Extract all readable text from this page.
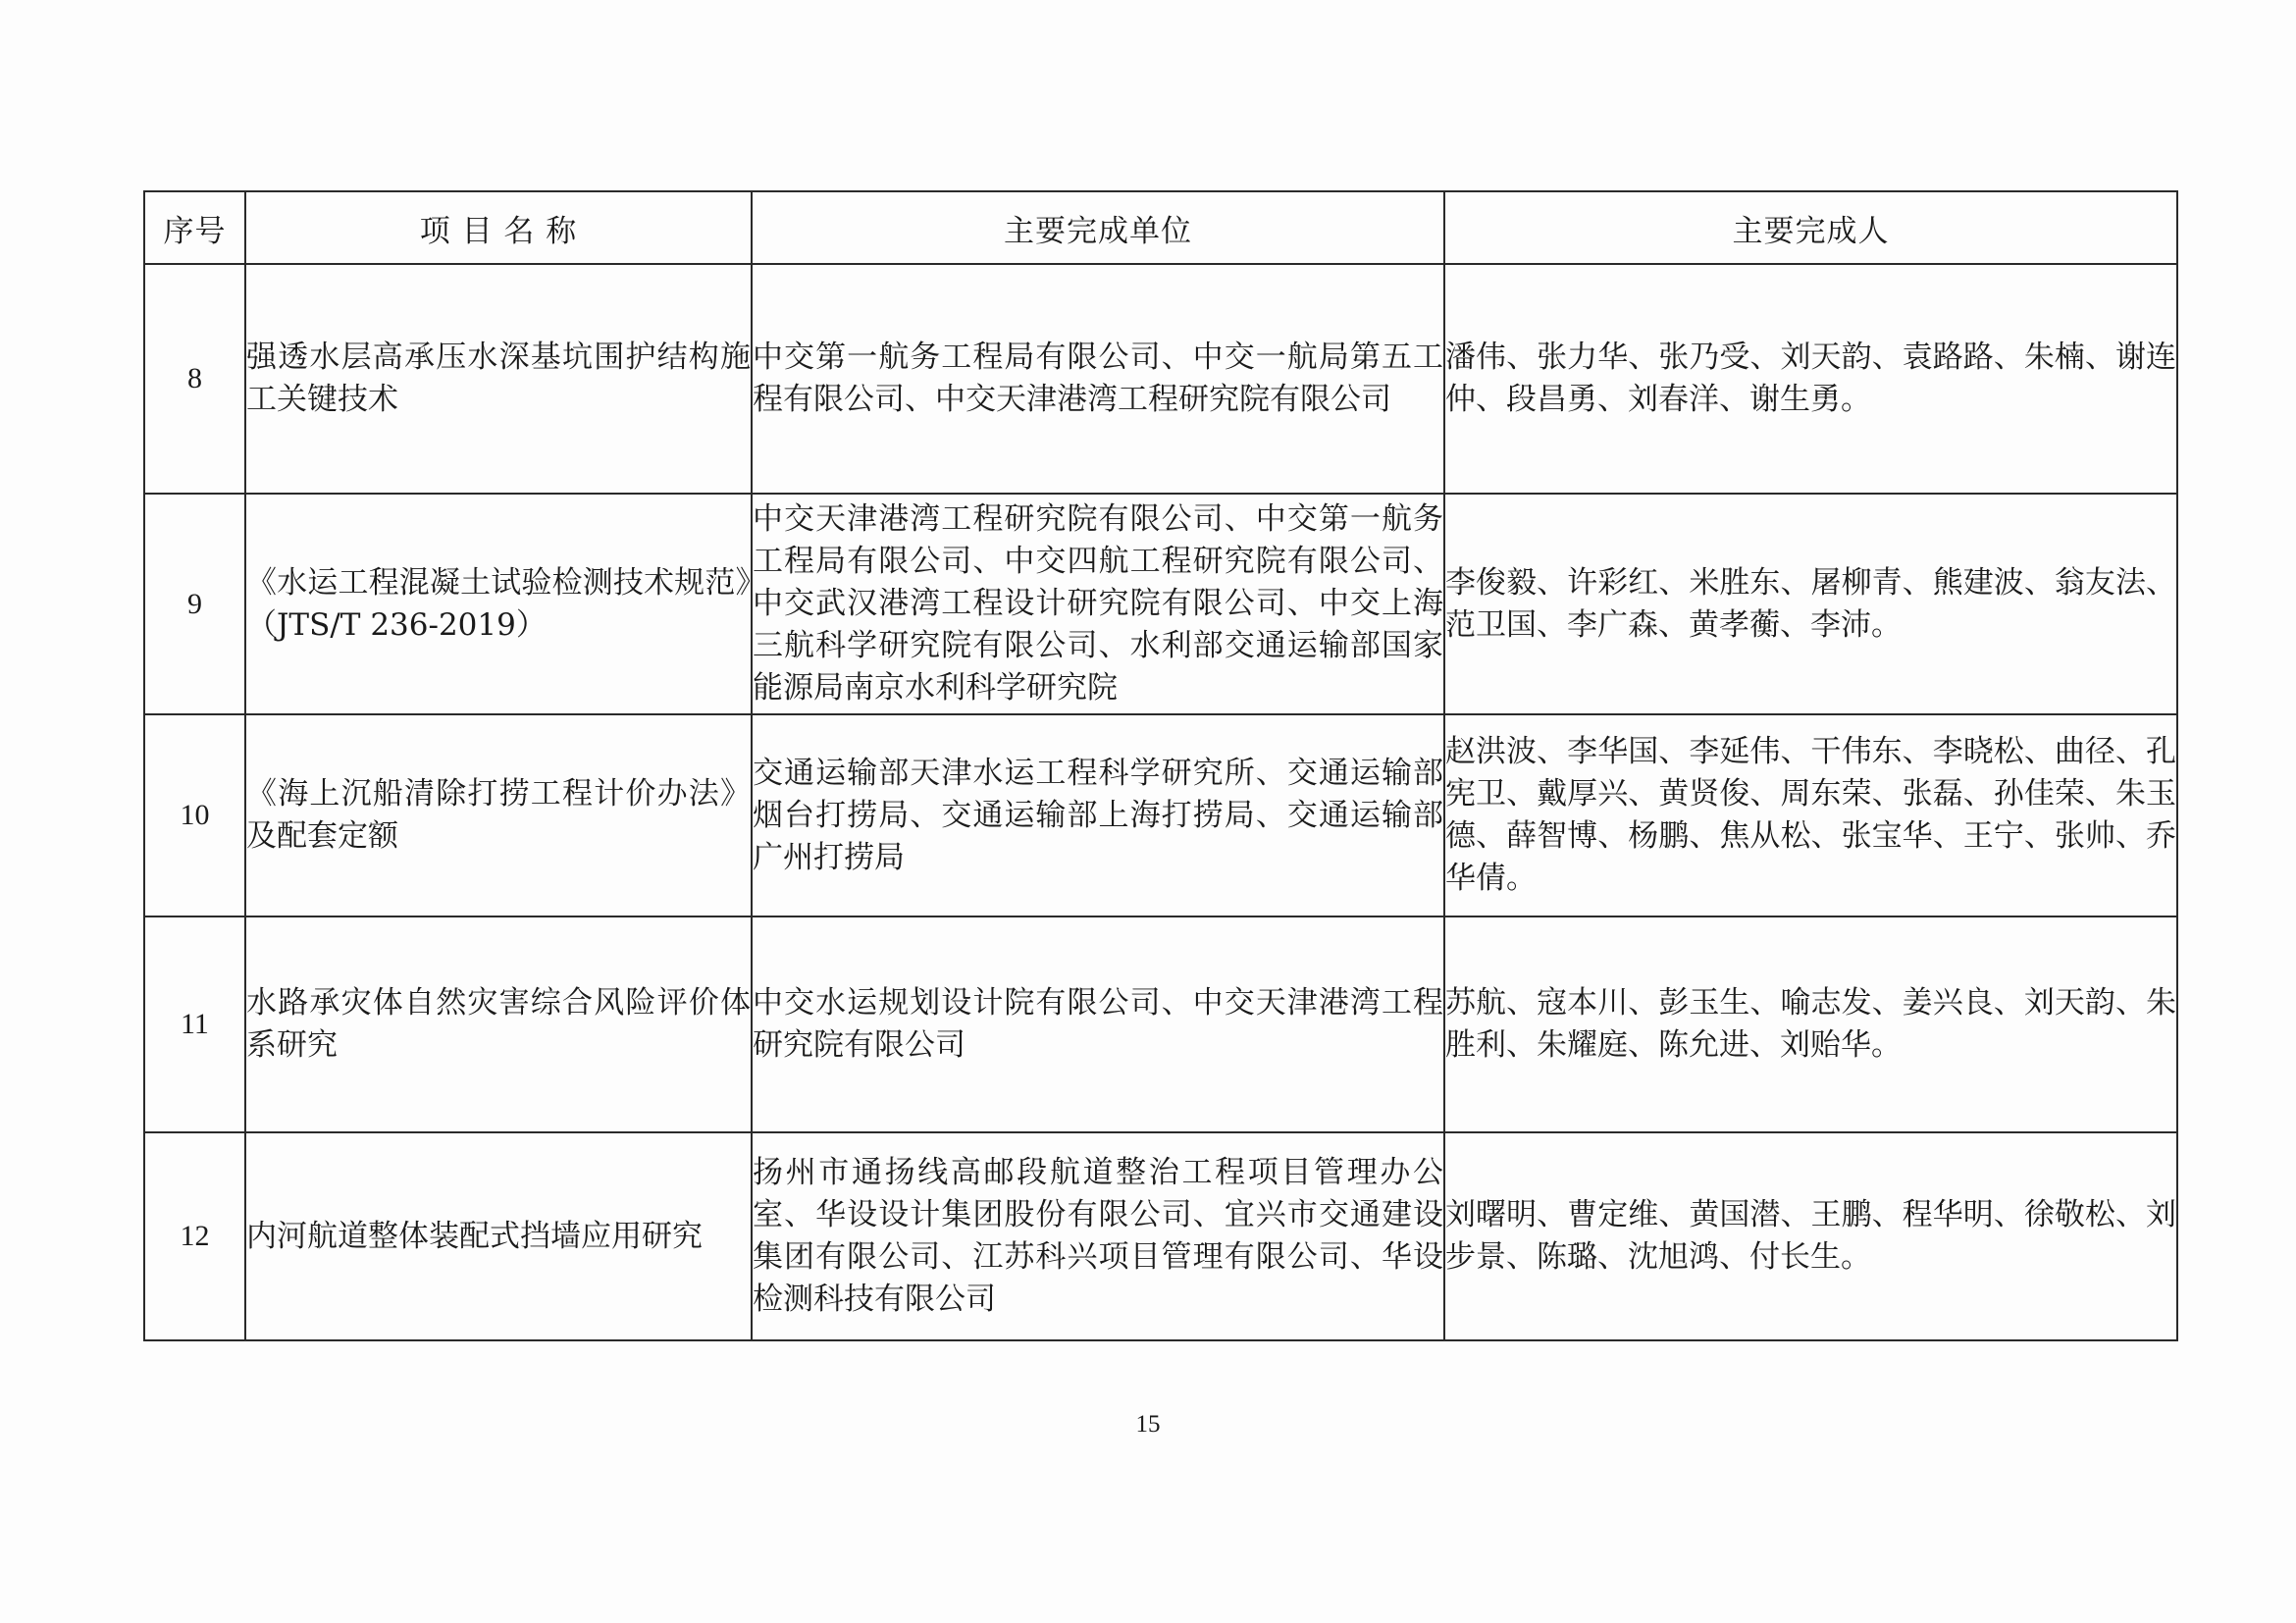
序号	项 目 名 称	主要完成单位	主要完成人
8	强透水层高承压水深基坑围护结构施工关键技术	中交第一航务工程局有限公司、中交一航局第五工程有限公司、中交天津港湾工程研究院有限公司	潘伟、张力华、张乃受、刘天韵、袁路路、朱楠、谢连仲、段昌勇、刘春洋、谢生勇。
9	《水运工程混凝土试验检测技术规范》（JTS/T 236-2019）	中交天津港湾工程研究院有限公司、中交第一航务工程局有限公司、中交四航工程研究院有限公司、中交武汉港湾工程设计研究院有限公司、中交上海三航科学研究院有限公司、水利部交通运输部国家能源局南京水利科学研究院	李俊毅、许彩红、米胜东、屠柳青、熊建波、翁友法、范卫国、李广森、黄孝蘅、李沛。
10	《海上沉船清除打捞工程计价办法》及配套定额	交通运输部天津水运工程科学研究所、交通运输部烟台打捞局、交通运输部上海打捞局、交通运输部广州打捞局	赵洪波、李华国、李延伟、干伟东、李晓松、曲径、孔宪卫、戴厚兴、黄贤俊、周东荣、张磊、孙佳荣、朱玉德、薛智博、杨鹏、焦从松、张宝华、王宁、张帅、乔华倩。
11	水路承灾体自然灾害综合风险评价体系研究	中交水运规划设计院有限公司、中交天津港湾工程研究院有限公司	苏航、寇本川、彭玉生、喻志发、姜兴良、刘天韵、朱胜利、朱耀庭、陈允进、刘贻华。
12	内河航道整体装配式挡墙应用研究	扬州市通扬线高邮段航道整治工程项目管理办公室、华设设计集团股份有限公司、宜兴市交通建设集团有限公司、江苏科兴项目管理有限公司、华设检测科技有限公司	刘曙明、曹定维、黄国潜、王鹏、程华明、徐敬松、刘步景、陈璐、沈旭鸿、付长生。
15
